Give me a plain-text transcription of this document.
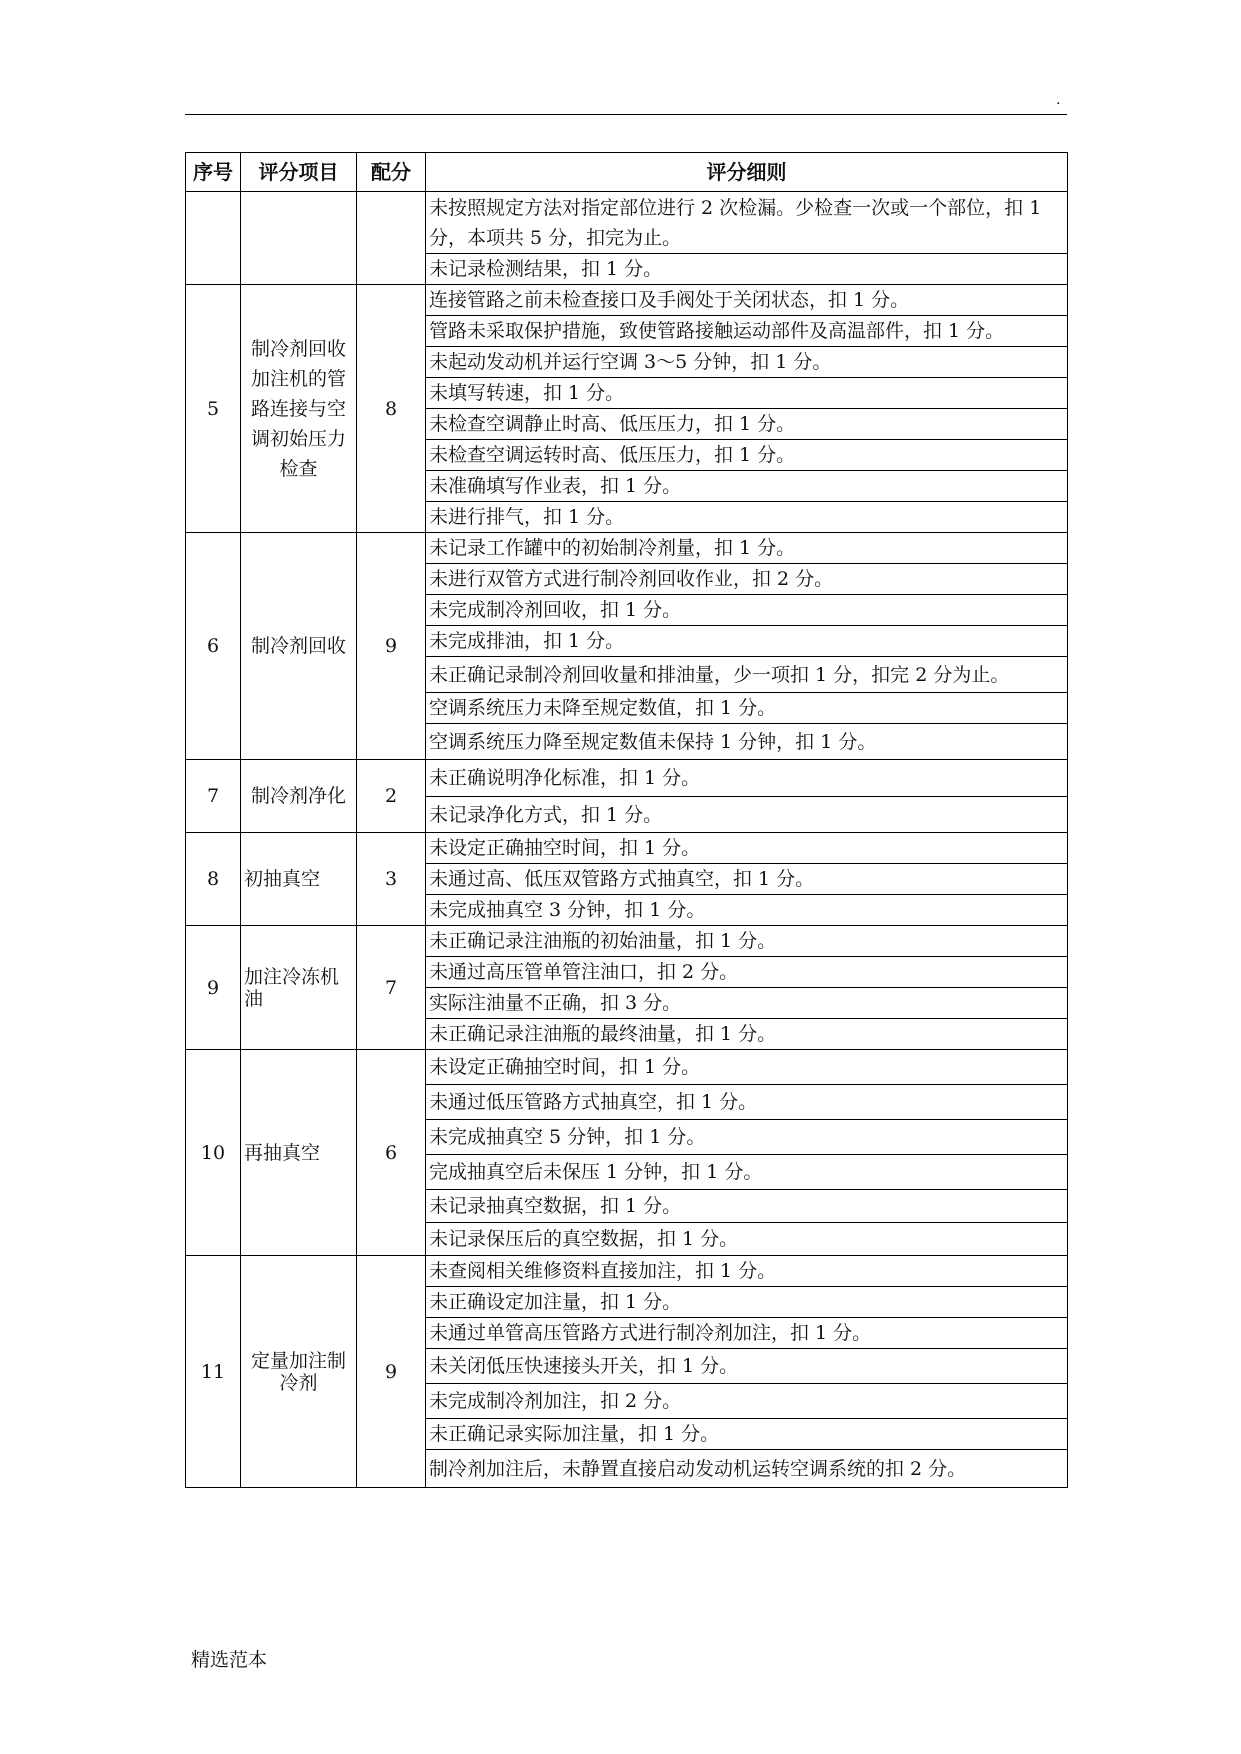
.
序号	评分项目	配分	评分细则
			未按照规定方法对指定部位进行 2 次检漏。少检查一次或一个部位，扣 1 分，本项共 5 分，扣完为止。
			未记录检测结果，扣 1 分。
5	制冷剂回收加注机的管路连接与空调初始压力检查	8	连接管路之前未检查接口及手阀处于关闭状态，扣 1 分。
			管路未采取保护措施，致使管路接触运动部件及高温部件，扣 1 分。
			未起动发动机并运行空调 3～5 分钟，扣 1 分。
			未填写转速，扣 1 分。
			未检查空调静止时高、低压压力，扣 1 分。
			未检查空调运转时高、低压压力，扣 1 分。
			未准确填写作业表，扣 1 分。
			未进行排气，扣 1 分。
6	制冷剂回收	9	未记录工作罐中的初始制冷剂量，扣 1 分。
			未进行双管方式进行制冷剂回收作业，扣 2 分。
			未完成制冷剂回收，扣 1 分。
			未完成排油，扣 1 分。
			未正确记录制冷剂回收量和排油量，少一项扣 1 分，扣完 2 分为止。
			空调系统压力未降至规定数值，扣 1 分。
			空调系统压力降至规定数值未保持 1 分钟，扣 1 分。
7	制冷剂净化	2	未正确说明净化标准，扣 1 分。
			未记录净化方式，扣 1 分。
8	初抽真空	3	未设定正确抽空时间，扣 1 分。
			未通过高、低压双管路方式抽真空，扣 1 分。
			未完成抽真空 3 分钟，扣 1 分。
9	加注冷冻机油	7	未正确记录注油瓶的初始油量，扣 1 分。
			未通过高压管单管注油口，扣 2 分。
			实际注油量不正确，扣 3 分。
			未正确记录注油瓶的最终油量，扣 1 分。
10	再抽真空	6	未设定正确抽空时间，扣 1 分。
			未通过低压管路方式抽真空，扣 1 分。
			未完成抽真空 5 分钟，扣 1 分。
			完成抽真空后未保压 1 分钟，扣 1 分。
			未记录抽真空数据，扣 1 分。
			未记录保压后的真空数据，扣 1 分。
11	定量加注制冷剂	9	未查阅相关维修资料直接加注，扣 1 分。
			未正确设定加注量，扣 1 分。
			未通过单管高压管路方式进行制冷剂加注，扣 1 分。
			未关闭低压快速接头开关，扣 1 分。
			未完成制冷剂加注，扣 2 分。
			未正确记录实际加注量，扣 1 分。
			制冷剂加注后，未静置直接启动发动机运转空调系统的扣 2 分。
精选范本
